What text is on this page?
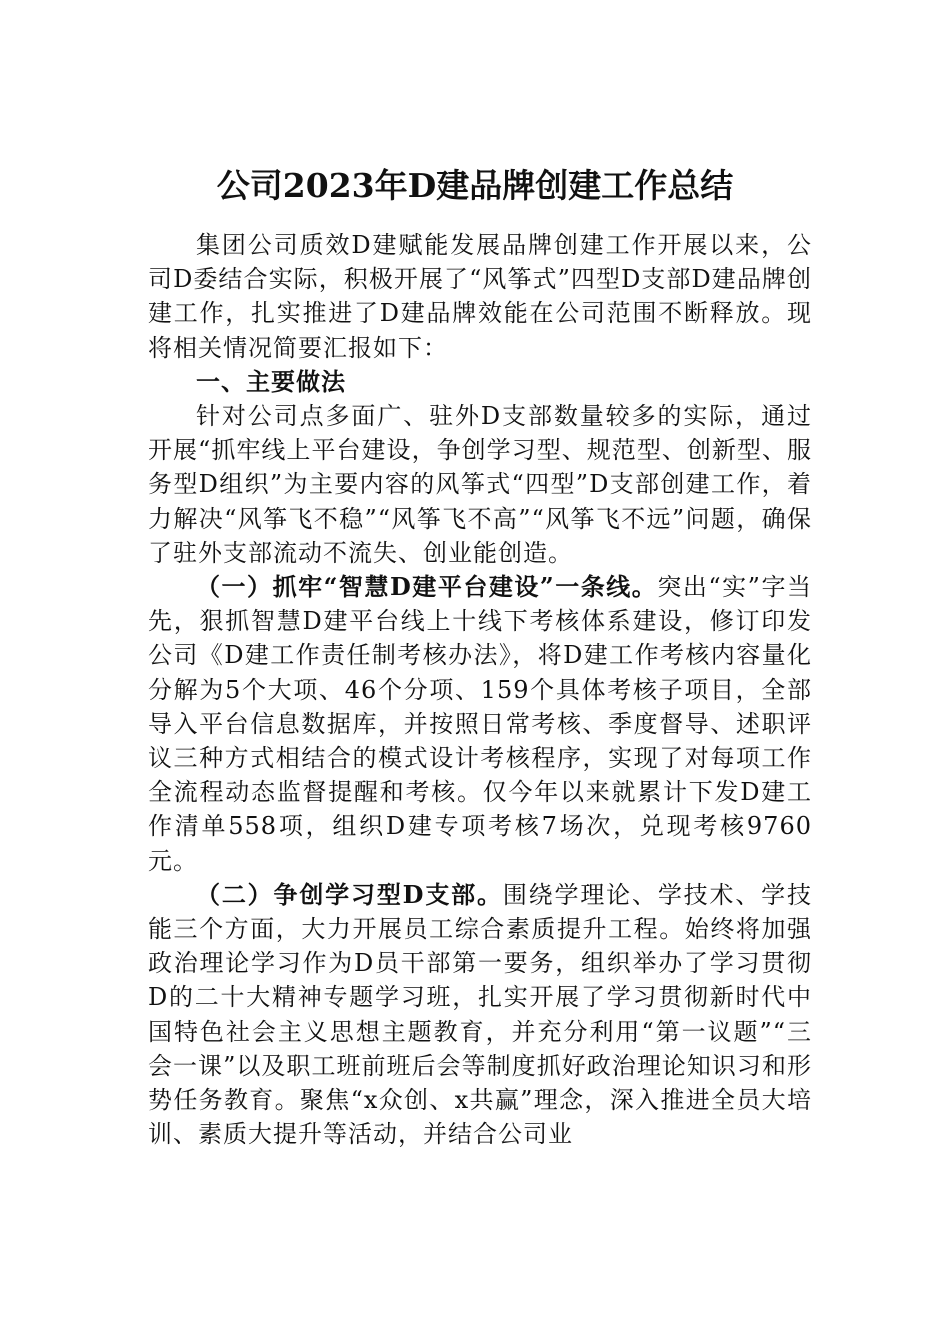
公司2023年D建品牌创建工作总结

集团公司质效D建赋能发展品牌创建工作开展以来，公司D委结合实际，积极开展了“风筝式”四型D支部D建品牌创建工作，扎实推进了D建品牌效能在公司范围不断释放。现将相关情况简要汇报如下：

一、主要做法

针对公司点多面广、驻外D支部数量较多的实际，通过开展“抓牢线上平台建设，争创学习型、规范型、创新型、服务型D组织”为主要内容的风筝式“四型”D支部创建工作，着力解决“风筝飞不稳”“风筝飞不高”“风筝飞不远”问题，确保了驻外支部流动不流失、创业能创造。

（一）抓牢“智慧D建平台建设”一条线。突出“实”字当先，狠抓智慧D建平台线上十线下考核体系建设，修订印发公司《D建工作责任制考核办法》，将D建工作考核内容量化分解为5个大项、46个分项、159个具体考核子项目，全部导入平台信息数据库，并按照日常考核、季度督导、述职评议三种方式相结合的模式设计考核程序，实现了对每项工作全流程动态监督提醒和考核。仅今年以来就累计下发D建工作清单558项，组织D建专项考核7场次，兑现考核9760元。

（二）争创学习型D支部。围绕学理论、学技术、学技能三个方面，大力开展员工综合素质提升工程。始终将加强政治理论学习作为D员干部第一要务，组织举办了学习贯彻D的二十大精神专题学习班，扎实开展了学习贯彻新时代中国特色社会主义思想主题教育，并充分利用“第一议题”“三会一课”以及职工班前班后会等制度抓好政治理论知识习和形势任务教育。聚焦“x众创、x共赢”理念，深入推进全员大培训、素质大提升等活动，并结合公司业
